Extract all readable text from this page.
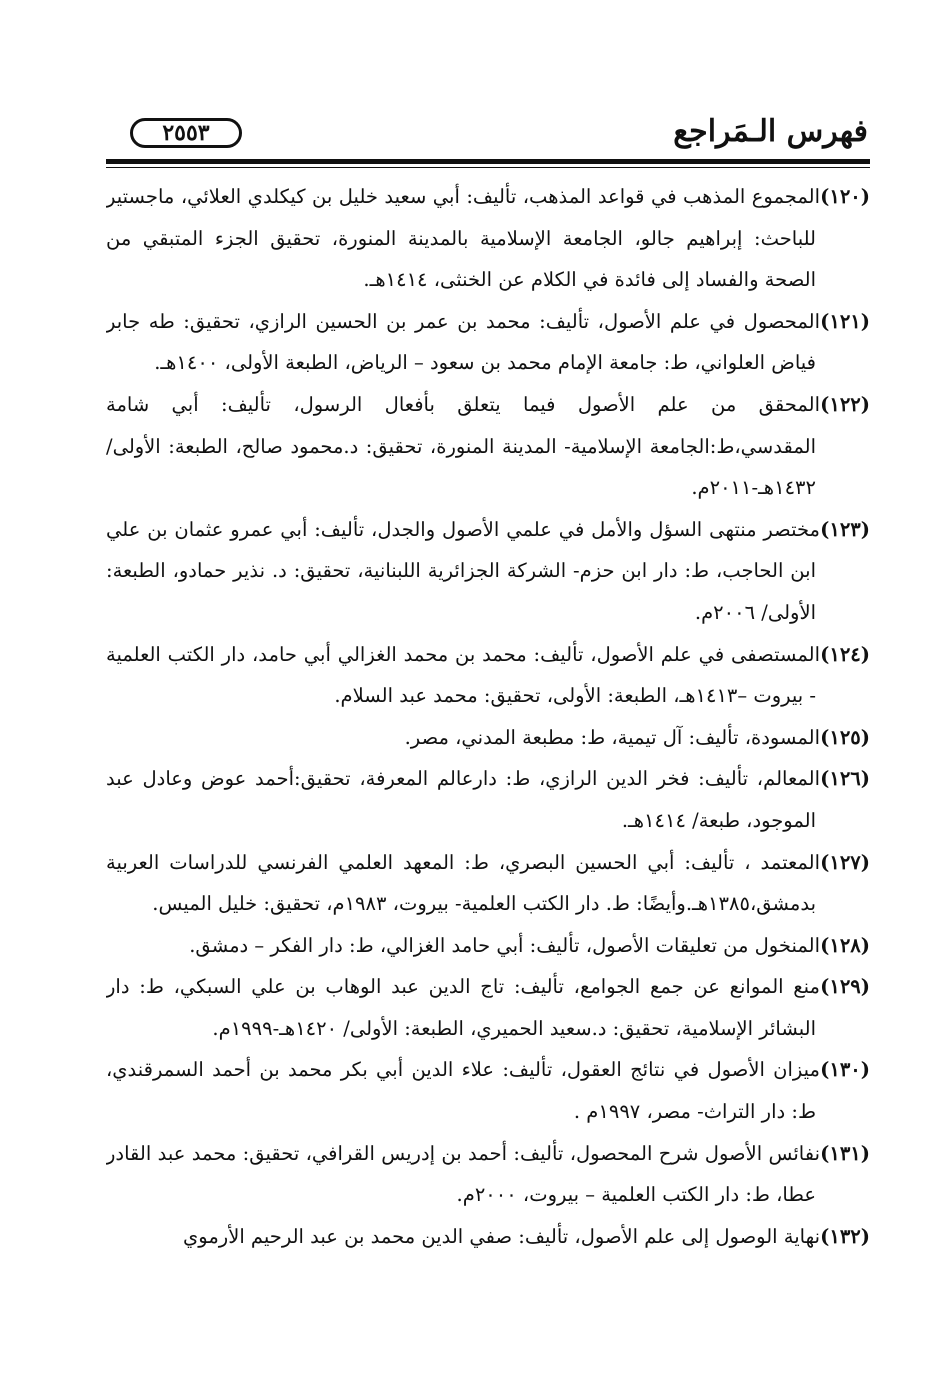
فهرس الـمَراجع
٢٥٥٣

(١٢٠)المجموع المذهب في قواعد المذهب، تأليف: أبي سعيد خليل بن كيكلدي العلائي، ماجستير للباحث: إبراهيم جالو، الجامعة الإسلامية بالمدينة المنورة، تحقيق الجزء المتبقي من الصحة والفساد إلى فائدة في الكلام عن الخنثى، ١٤١٤هـ.

(١٢١)المحصول في علم الأصول، تأليف: محمد بن عمر بن الحسين الرازي، تحقيق: طه جابر فياض العلواني، ط: جامعة الإمام محمد بن سعود – الرياض، الطبعة الأولى، ١٤٠٠هـ.

(١٢٢)المحقق من علم الأصول فيما يتعلق بأفعال الرسول، تأليف: أبي شامة المقدسي،ط:الجامعة الإسلامية- المدينة المنورة، تحقيق: د.محمود صالح، الطبعة: الأولى/ ١٤٣٢هـ-٢٠١١م.

(١٢٣)مختصر منتهى السؤل والأمل في علمي الأصول والجدل، تأليف: أبي عمرو عثمان بن علي ابن الحاجب، ط: دار ابن حزم- الشركة الجزائرية اللبنانية، تحقيق: د. نذير حمادو، الطبعة: الأولى/ ٢٠٠٦م.

(١٢٤)المستصفى في علم الأصول، تأليف: محمد بن محمد الغزالي أبي حامد، دار الكتب العلمية - بيروت –١٤١٣هـ، الطبعة: الأولى، تحقيق: محمد عبد السلام.

(١٢٥)المسودة، تأليف: آل تيمية، ط: مطبعة المدني، مصر.

(١٢٦)المعالم، تأليف: فخر الدين الرازي، ط: دارعالم المعرفة، تحقيق:أحمد عوض وعادل عبد الموجود، طبعة/ ١٤١٤هـ.

(١٢٧)المعتمد ، تأليف: أبي الحسين البصري، ط: المعهد العلمي الفرنسي للدراسات العربية بدمشق،١٣٨٥هـ.وأيضًا: ط. دار الكتب العلمية- بيروت، ١٩٨٣م، تحقيق: خليل الميس.

(١٢٨)المنخول من تعليقات الأصول، تأليف: أبي حامد الغزالي، ط: دار الفكر – دمشق.

(١٢٩)منع الموانع عن جمع الجوامع، تأليف: تاج الدين عبد الوهاب بن علي السبكي، ط: دار البشائر الإسلامية، تحقيق: د.سعيد الحميري، الطبعة: الأولى/ ١٤٢٠هـ-١٩٩٩م.

(١٣٠)ميزان الأصول في نتائج العقول، تأليف: علاء الدين أبي بكر محمد بن أحمد السمرقندي، ط: دار التراث- مصر، ١٩٩٧م .

(١٣١)نفائس الأصول شرح المحصول، تأليف: أحمد بن إدريس القرافي، تحقيق: محمد عبد القادر عطا، ط: دار الكتب العلمية – بيروت، ٢٠٠٠م.

(١٣٢)نهاية الوصول إلى علم الأصول، تأليف: صفي الدين محمد بن عبد الرحيم الأرموي
